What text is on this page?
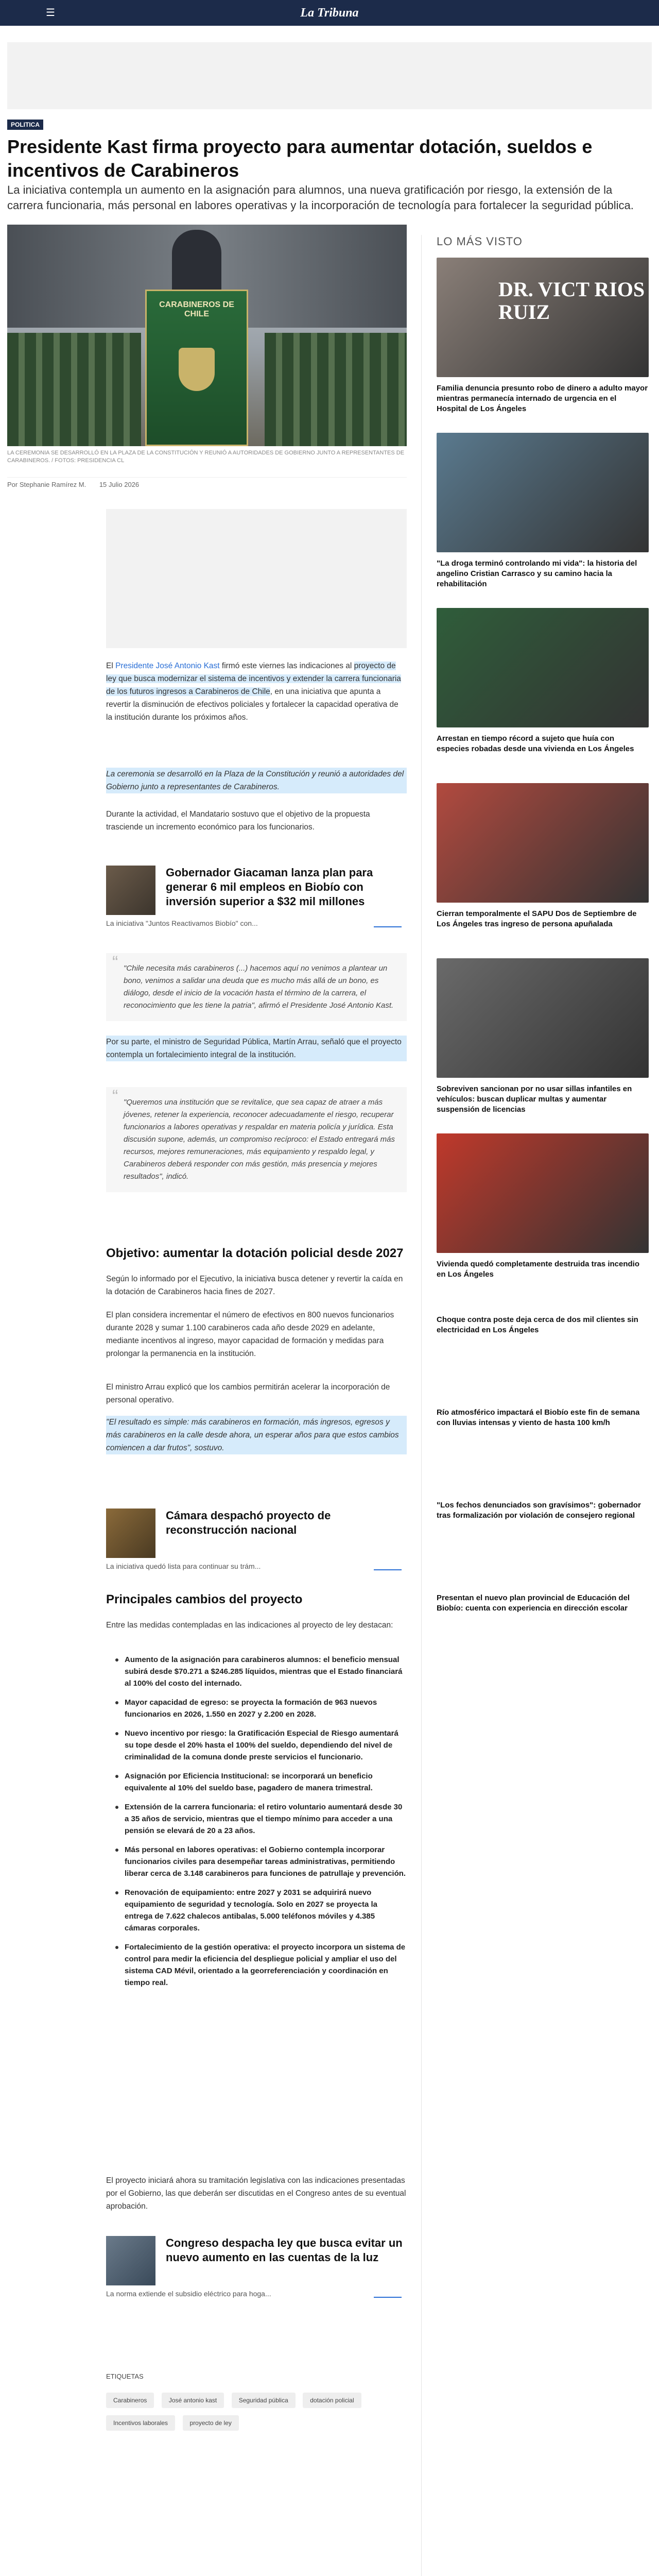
☰	La Tribuna
POLITICA
Presidente Kast firma proyecto para aumentar dotación, sueldos e incentivos de Carabineros

La iniciativa contempla un aumento en la asignación para alumnos, una nueva gratificación por riesgo, la extensión de la carrera funcionaria, más personal en labores operativas y la incorporación de tecnología para fortalecer la seguridad pública.

CARABINEROS DE CHILE
LA CEREMONIA SE DESARROLLÓ EN LA PLAZA DE LA CONSTITUCIÓN Y REUNIÓ A AUTORIDADES DE GOBIERNO JUNTO A REPRESENTANTES DE CARABINEROS. / FOTOS: PRESIDENCIA CL
Por Stephanie Ramírez M. 15 Julio 2026

El Presidente José Antonio Kast firmó este viernes las indicaciones al proyecto de ley que busca modernizar el sistema de incentivos y extender la carrera funcionaria de los futuros ingresos a Carabineros de Chile, en una iniciativa que apunta a revertir la disminución de efectivos policiales y fortalecer la capacidad operativa de la institución durante los próximos años.

La ceremonia se desarrolló en la Plaza de la Constitución y reunió a autoridades del Gobierno junto a representantes de Carabineros.

Durante la actividad, el Mandatario sostuvo que el objetivo de la propuesta trasciende un incremento económico para los funcionarios.

Gobernador Giacaman lanza plan para generar 6 mil empleos en Biobío con inversión superior a $32 mil millones
La iniciativa "Juntos Reactivamos Biobío" con...
“ "Chile necesita más carabineros (...) hacemos aquí no venimos a plantear un bono, venimos a salidar una deuda que es mucho más allá de un bono, es diálogo, desde el inicio de la vocación hasta el término de la carrera, el reconocimiento que les tiene la patria", afirmó el Presidente José Antonio Kast.

Por su parte, el ministro de Seguridad Pública, Martín Arrau, señaló que el proyecto contempla un fortalecimiento integral de la institución.

“ "Queremos una institución que se revitalice, que sea capaz de atraer a más jóvenes, retener la experiencia, reconocer adecuadamente el riesgo, recuperar funcionarios a labores operativas y respaldar en materia policía y jurídica. Esta discusión supone, además, un compromiso recíproco: el Estado entregará más recursos, mejores remuneraciones, más equipamiento y respaldo legal, y Carabineros deberá responder con más gestión, más presencia y mejores resultados", indicó.
Objetivo: aumentar la dotación policial desde 2027

Según lo informado por el Ejecutivo, la iniciativa busca detener y revertir la caída en la dotación de Carabineros hacia fines de 2027.

El plan considera incrementar el número de efectivos en 800 nuevos funcionarios durante 2028 y sumar 1.100 carabineros cada año desde 2029 en adelante, mediante incentivos al ingreso, mayor capacidad de formación y medidas para prolongar la permanencia en la institución.

El ministro Arrau explicó que los cambios permitirán acelerar la incorporación de personal operativo.

"El resultado es simple: más carabineros en formación, más ingresos, egresos y más carabineros en la calle desde ahora, un esperar años para que estos cambios comiencen a dar frutos", sostuvo.

Cámara despachó proyecto de reconstrucción nacional
La iniciativa quedó lista para continuar su trám...
Principales cambios del proyecto

Entre las medidas contempladas en las indicaciones al proyecto de ley destacan:

Aumento de la asignación para carabineros alumnos: el beneficio mensual subirá desde $70.271 a $246.285 líquidos, mientras que el Estado financiará al 100% del costo del internado.
Mayor capacidad de egreso: se proyecta la formación de 963 nuevos funcionarios en 2026, 1.550 en 2027 y 2.200 en 2028.
Nuevo incentivo por riesgo: la Gratificación Especial de Riesgo aumentará su tope desde el 20% hasta el 100% del sueldo, dependiendo del nivel de criminalidad de la comuna donde preste servicios el funcionario.
Asignación por Eficiencia Institucional: se incorporará un beneficio equivalente al 10% del sueldo base, pagadero de manera trimestral.
Extensión de la carrera funcionaria: el retiro voluntario aumentará desde 30 a 35 años de servicio, mientras que el tiempo mínimo para acceder a una pensión se elevará de 20 a 23 años.
Más personal en labores operativas: el Gobierno contempla incorporar funcionarios civiles para desempeñar tareas administrativas, permitiendo liberar cerca de 3.148 carabineros para funciones de patrullaje y prevención.
Renovación de equipamiento: entre 2027 y 2031 se adquirirá nuevo equipamiento de seguridad y tecnología. Solo en 2027 se proyecta la entrega de 7.622 chalecos antibalas, 5.000 teléfonos móviles y 4.385 cámaras corporales.
Fortalecimiento de la gestión operativa: el proyecto incorpora un sistema de control para medir la eficiencia del despliegue policial y ampliar el uso del sistema CAD Mévil, orientado a la georreferenciación y coordinación en tiempo real.

El proyecto iniciará ahora su tramitación legislativa con las indicaciones presentadas por el Gobierno, las que deberán ser discutidas en el Congreso antes de su eventual aprobación.

Congreso despacha ley que busca evitar un nuevo aumento en las cuentas de la luz
La norma extiende el subsidio eléctrico para hoga...
ETIQUETAS
Carabineros	José antonio kast	Seguridad pública	dotación policial Incentivos laborales	proyecto de ley
LO MÁS VISTO
DR. VICT RIOS RUIZ
Familia denuncia presunto robo de dinero a adulto mayor mientras permanecía internado de urgencia en el Hospital de Los Ángeles
"La droga terminó controlando mi vida": la historia del angelino Cristian Carrasco y su camino hacia la rehabilitación
Arrestan en tiempo récord a sujeto que huía con especies robadas desde una vivienda en Los Ángeles
Cierran temporalmente el SAPU Dos de Septiembre de Los Ángeles tras ingreso de persona apuñalada
Sobreviven sancionan por no usar sillas infantiles en vehículos: buscan duplicar multas y aumentar suspensión de licencias
Vivienda quedó completamente destruida tras incendio en Los Ángeles
Choque contra poste deja cerca de dos mil clientes sin electricidad en Los Ángeles
Río atmosférico impactará el Biobío este fin de semana con lluvias intensas y viento de hasta 100 km/h
"Los fechos denunciados son gravísimos": gobernador tras formalización por violación de consejero regional
Presentan el nuevo plan provincial de Educación del Biobío: cuenta con experiencia en dirección escolar
